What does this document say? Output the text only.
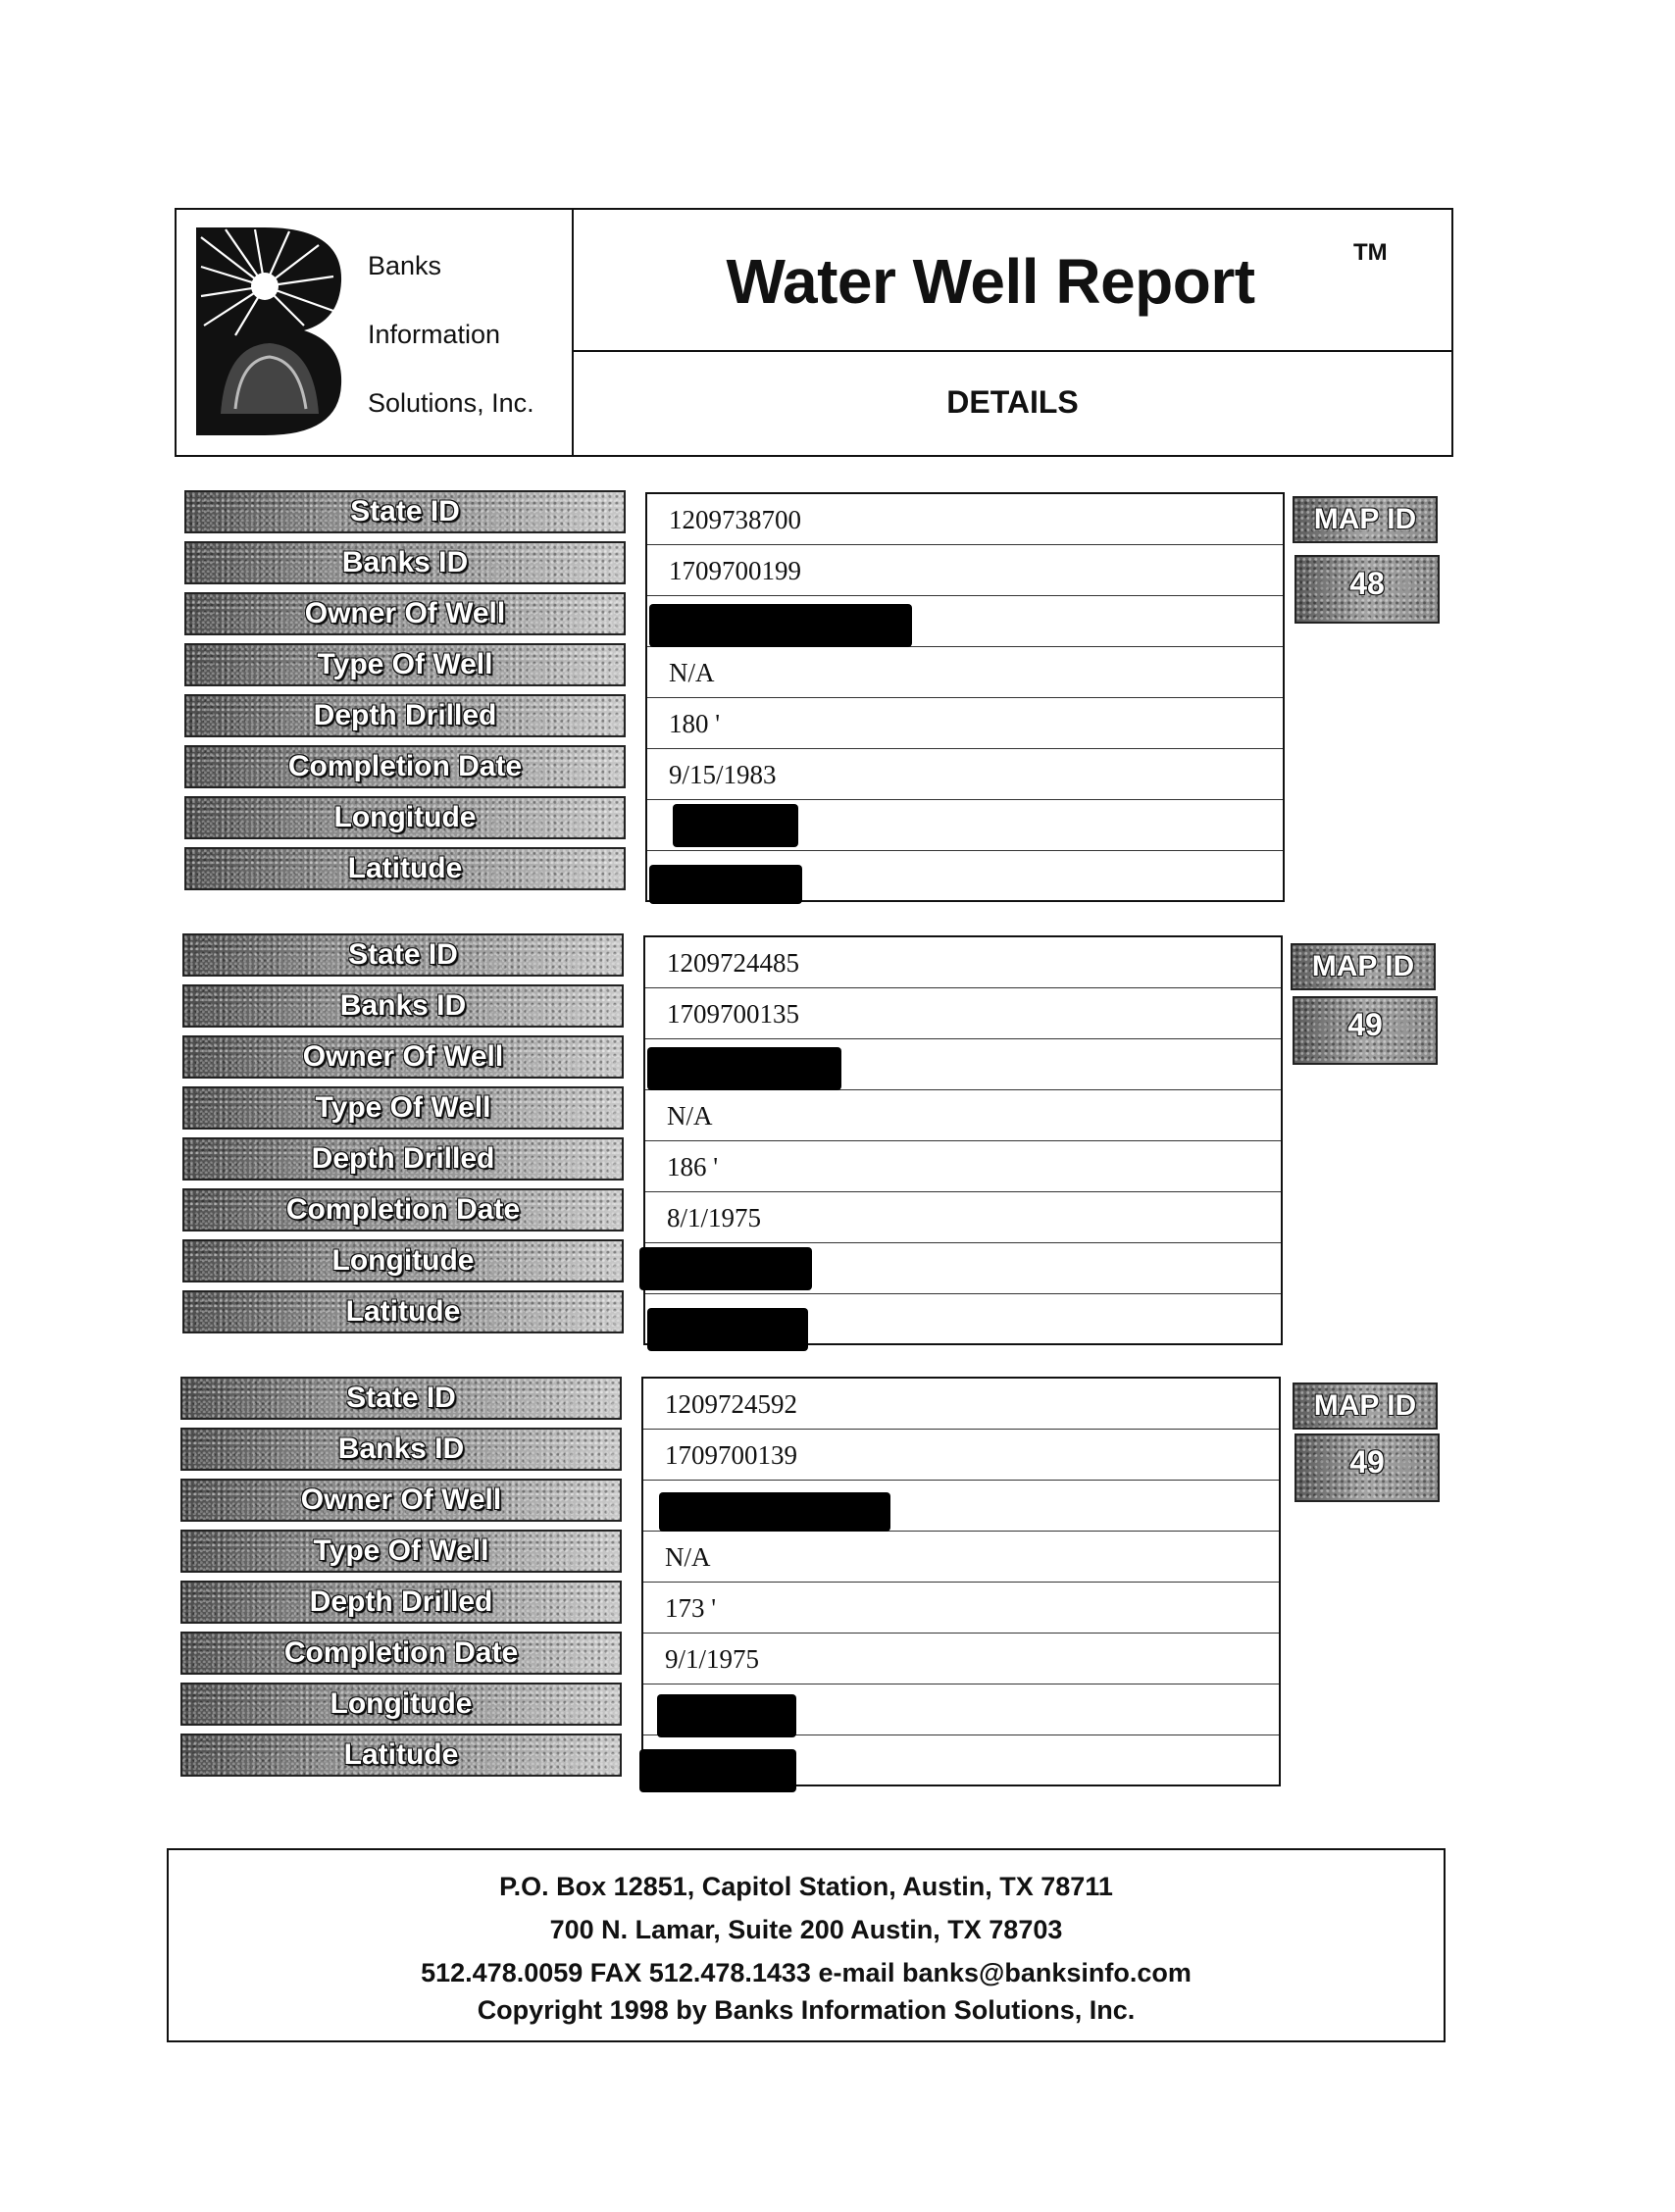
Banks
Information
Solutions, Inc.
Water Well Report	TM
DETAILS
State ID
Banks ID
Owner Of Well
Type Of Well
Depth Drilled
Completion Date
Longitude
Latitude
1209738700
1709700199
N/A
180 '
9/15/1983
MAP ID
48
State ID
Banks ID
Owner Of Well
Type Of Well
Depth Drilled
Completion Date
Longitude
Latitude
1209724485
1709700135
N/A
186 '
8/1/1975
MAP ID
49
State ID
Banks ID
Owner Of Well
Type Of Well
Depth Drilled
Completion Date
Longitude
Latitude
1209724592
1709700139
N/A
173 '
9/1/1975
MAP ID
49
P.O. Box 12851, Capitol Station, Austin, TX 78711
700 N. Lamar, Suite 200 Austin, TX 78703
512.478.0059 FAX 512.478.1433 e-mail banks@banksinfo.com
Copyright 1998 by Banks Information Solutions, Inc.
